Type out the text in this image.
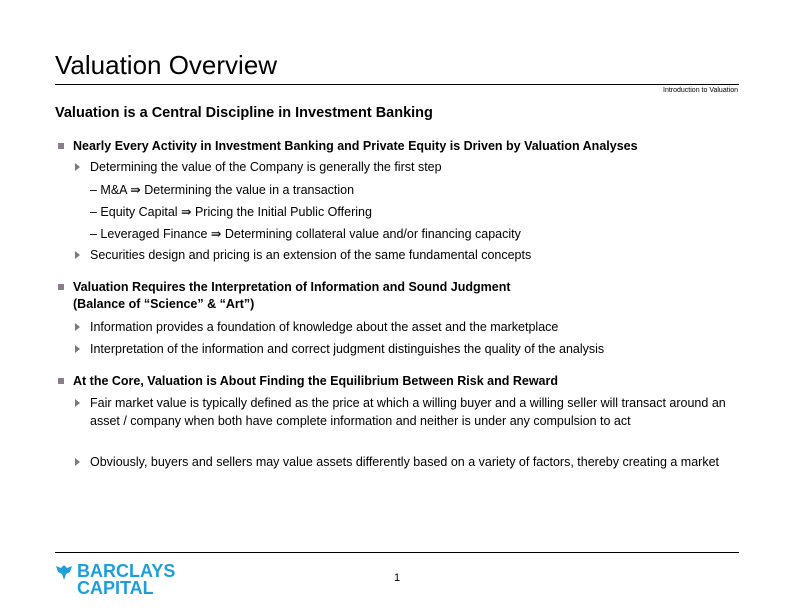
Valuation Overview
Introduction to Valuation
Valuation is a Central Discipline in Investment Banking
Nearly Every Activity in Investment Banking and Private Equity is Driven by Valuation Analyses
Determining the value of the Company is generally the first step
– M&A ⇛ Determining the value in a transaction
– Equity Capital ⇛ Pricing the Initial Public Offering
– Leveraged Finance ⇛ Determining collateral value and/or financing capacity
Securities design and pricing is an extension of the same fundamental concepts
Valuation Requires the Interpretation of Information and Sound Judgment
(Balance of “Science” & “Art”)
Information provides a foundation of knowledge about the asset and the marketplace
Interpretation of the information and correct judgment distinguishes the quality of the analysis
At the Core, Valuation is About Finding the Equilibrium Between Risk and Reward
Fair market value is typically defined as the price at which a willing buyer and a willing seller will transact around an asset / company when both have complete information and neither is under any compulsion to act
Obviously, buyers and sellers may value assets differently based on a variety of factors, thereby creating a market
BARCLAYS
CAPITAL	1
